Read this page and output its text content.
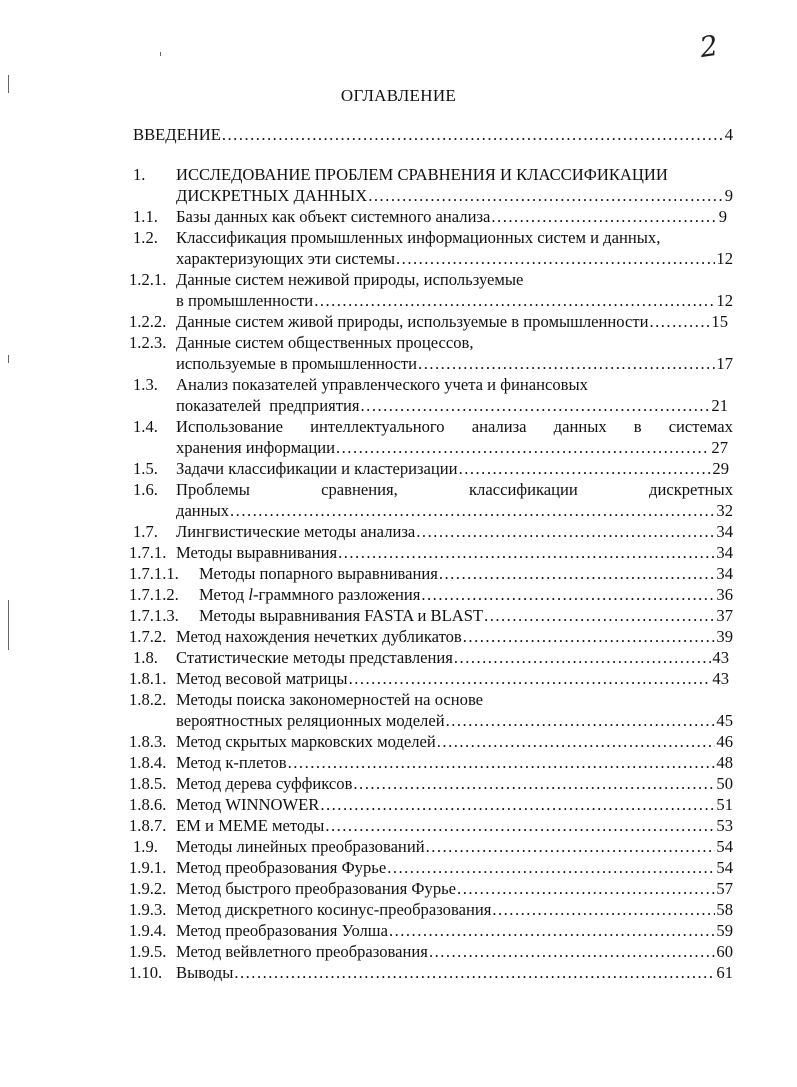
2
ОГЛАВЛЕНИЕ
ВВЕДЕНИЕ .....	4
1. ИССЛЕДОВАНИЕ ПРОБЛЕМ СРАВНЕНИЯ И КЛАССИФИКАЦИИ
ДИСКРЕТНЫХ ДАННЫХ .....	9
1.1. Базы данных как объект системного анализа .....	9
1.2. Классификация промышленных информационных систем и данных,
характеризующих эти системы .....	12
1.2.1. Данные систем неживой природы, используемые
в промышленности .....	12
1.2.2. Данные систем живой природы, используемые в промышленности .....	15
1.2.3. Данные систем общественных процессов,
используемые в промышленности .....	17
1.3. Анализ показателей управленческого учета и финансовых
показателей  предприятия .....	21
1.4. Использование интеллектуального анализа данных в системах
хранения информации .....	27
1.5. Задачи классификации и кластеризации .....	29
1.6. Проблемы	сравнения,	классификации	дискретных
данных .....	32
1.7. Лингвистические методы анализа .....	34
1.7.1. Методы выравнивания .....	34
1.7.1.1. Методы попарного выравнивания .....	34
1.7.1.2. Метод l-граммного разложения .....	36
1.7.1.3. Методы выравнивания FASTA и BLAST .....	37
1.7.2. Метод нахождения нечетких дубликатов .....	39
1.8. Статистические методы представления .....	43
1.8.1. Метод весовой матрицы .....	43
1.8.2. Методы поиска закономерностей на основе
вероятностных реляционных моделей .....	45
1.8.3. Метод скрытых марковских моделей .....	46
1.8.4. Метод к-плетов .....	48
1.8.5. Метод дерева суффиксов .....	50
1.8.6. Метод WINNOWER .....	51
1.8.7. EM и MEME методы .....	53
1.9. Методы линейных преобразований .....	54
1.9.1. Метод преобразования Фурье .....	54
1.9.2. Метод быстрого преобразования Фурье .....	57
1.9.3. Метод дискретного косинус-преобразования .....	58
1.9.4. Метод преобразования Уолша .....	59
1.9.5. Метод вейвлетного преобразования .....	60
1.10. Выводы .....	61
